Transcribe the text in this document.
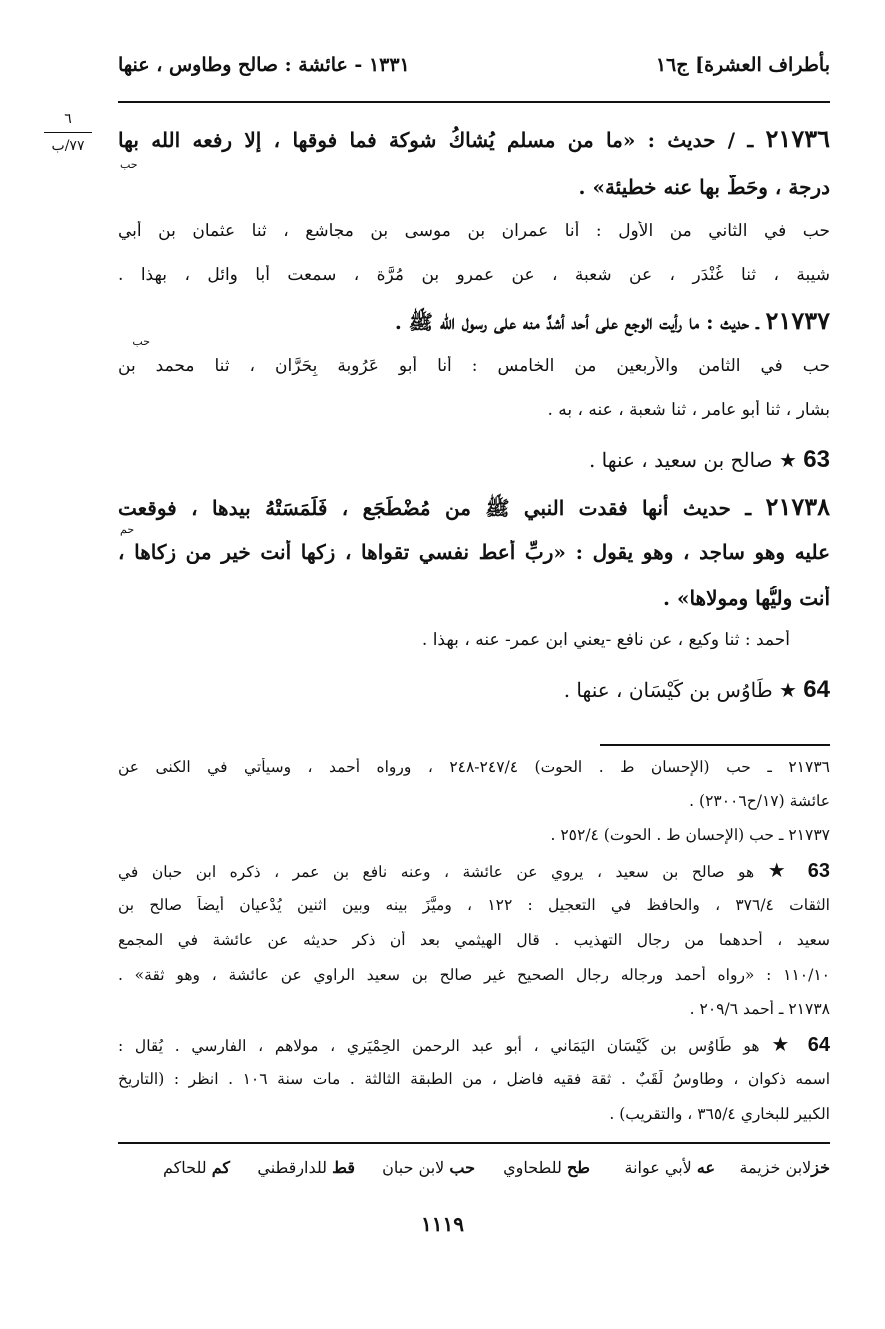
١٣٣١ - عائشة : صالح وطاوس ، عنها	بأطراف العشرة] ج١٦
٦
٧٧/ب	٢١٧٣٦ ـ / حديث : «ما من مسلم يُشاكُ شوكة فما فوقها ، إلا رفعه الله بها
حب
درجة ، وحَطَّ بها عنه خطيئة» .
حب في الثاني من الأول : أنا عمران بن موسى بن مجاشع ، ثنا عثمان بن أبي
شيبة ، ثنا غُنْدَر ، عن شعبة ، عن عمرو بن مُرَّة ، سمعت أبا وائل ، بهذا .
٢١٧٣٧ ـ حديث : ما رأيت الوجع على أحد أشدَّ منه على رسول الله ﷺ .
حب
حب في الثامن والأربعين من الخامس : أنا أبو عَرُوبة بِحَرَّان ، ثنا محمد بن
بشار ، ثنا أبو عامر ، ثنا شعبة ، عنه ، به .
63 ★ صالح بن سعيد ، عنها .
٢١٧٣٨ ـ حديث أنها فقدت النبي ﷺ من مُضْطَجَع ، فَلَمَسَتْهُ بيدها ، فوقعت
حم
عليه وهو ساجد ، وهو يقول : «ربِّ أعط نفسي تقواها ، زكها أنت خير من زكاها ،
أنت وليُّها ومولاها» .
أحمد : ثنا وكيع ، عن نافع -يعني ابن عمر- عنه ، بهذا .
64 ★ طَاوُس بن كَيْسَان ، عنها .
٢١٧٣٦ ـ حب (الإحسان ط . الحوت) ٢٤٧/٤-٢٤٨ ، ورواه أحمد ، وسيأتي في الكنى عن
عائشة (١٧/ح٢٣٠٠٦) .
٢١٧٣٧ ـ حب (الإحسان ط . الحوت) ٢٥٢/٤ .
63 ★ هو صالح بن سعيد ، يروي عن عائشة ، وعنه نافع بن عمر ، ذكره ابن حبان في
الثقات ٣٧٦/٤ ، والحافظ في التعجيل : ١٢٢ ، وميَّزَ بينه وبين اثنين يُدْعيان أيضاً صالح بن
سعيد ، أحدهما من رجال التهذيب . قال الهيثمي بعد أن ذكر حديثه عن عائشة في المجمع
١١٠/١٠ : «رواه أحمد ورجاله رجال الصحيح غير صالح بن سعيد الراوي عن عائشة ، وهو ثقة» .
٢١٧٣٨ ـ أحمد ٢٠٩/٦ .
64 ★ هو طَاوُس بن كَيْسَان اليَمَاني ، أبو عبد الرحمن الحِمْيَري ، مولاهم ، الفارسي . يُقال :
اسمه ذكوان ، وطاوسُ لَقَبٌ . ثقة فقيه فاضل ، من الطبقة الثالثة . مات سنة ١٠٦ . انظر : (التاريخ
الكبير للبخاري ٣٦٥/٤ ، والتقريب) .
خزلابن خزيمة
عه لأبي عوانة
طح للطحاوي
حب لابن حبان
قط للدارقطني
كم للحاكم
١١١٩
